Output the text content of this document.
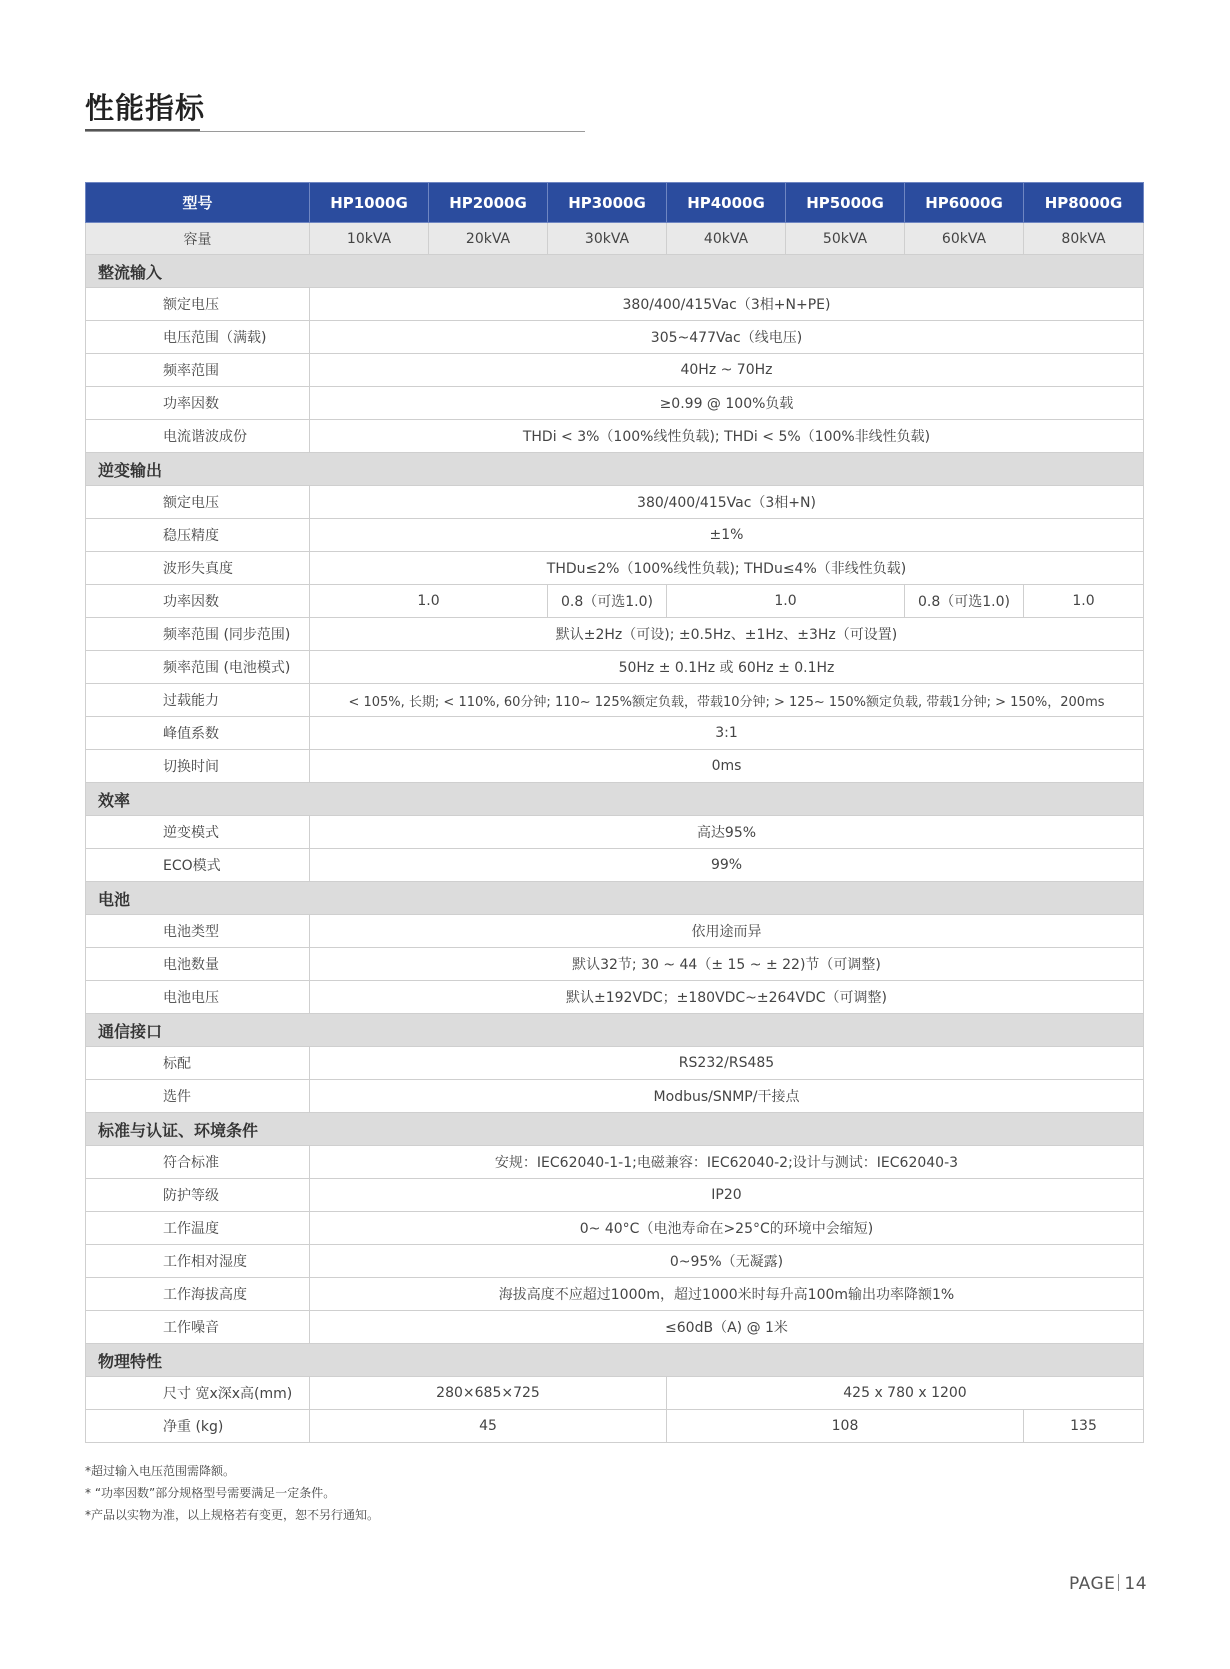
性能指标
型号	HP1000G	HP2000G	HP3000G	HP4000G	HP5000G	HP6000G	HP8000G
容量	10kVA	20kVA	30kVA	40kVA	50kVA	60kVA	80kVA
整流输入							
额定电压	380/400/415Vac（3相+N+PE)						
电压范围（满载)	305~477Vac（线电压)						
频率范围	40Hz ~ 70Hz						
功率因数	≥0.99 @ 100%负载						
电流谐波成份	THDi < 3%（100%线性负载); THDi < 5%（100%非线性负载)						
逆变输出							
额定电压	380/400/415Vac（3相+N)						
稳压精度	±1%						
波形失真度	THDu≤2%（100%线性负载); THDu≤4%（非线性负载)						
功率因数	1.0		0.8（可选1.0)	1.0		0.8（可选1.0)	1.0
频率范围 (同步范围)	默认±2Hz（可设); ±0.5Hz、±1Hz、±3Hz（可设置)						
频率范围 (电池模式)	50Hz ± 0.1Hz 或 60Hz ± 0.1Hz						
过载能力	< 105%, 长期; < 110%, 60分钟; 110~ 125%额定负载，带载10分钟; > 125~ 150%额定负载, 带载1分钟; > 150%，200ms						
峰值系数	3:1						
切换时间	0ms						
效率							
逆变模式	高达95%						
ECO模式	99%						
电池							
电池类型	依用途而异						
电池数量	默认32节; 30 ~ 44（± 15 ~ ± 22)节（可调整)						
电池电压	默认±192VDC；±180VDC~±264VDC（可调整)						
通信接口							
标配	RS232/RS485						
选件	Modbus/SNMP/干接点						
标准与认证、环境条件							
符合标准	安规：IEC62040-1-1;电磁兼容：IEC62040-2;设计与测试：IEC62040-3						
防护等级	IP20						
工作温度	0~ 40°C（电池寿命在>25°C的环境中会缩短)						
工作相对湿度	0~95%（无凝露)						
工作海拔高度	海拔高度不应超过1000m，超过1000米时每升高100m输出功率降额1%						
工作噪音	≤60dB（A) @ 1米						
物理特性							
尺寸 宽x深x高(mm)	280×685×725			425 x 780 x 1200			
净重 (kg)	45			108			135
*超过输入电压范围需降额。
* “功率因数”部分规格型号需要满足一定条件。
*产品以实物为准，以上规格若有变更，恕不另行通知。
PAGE 14
